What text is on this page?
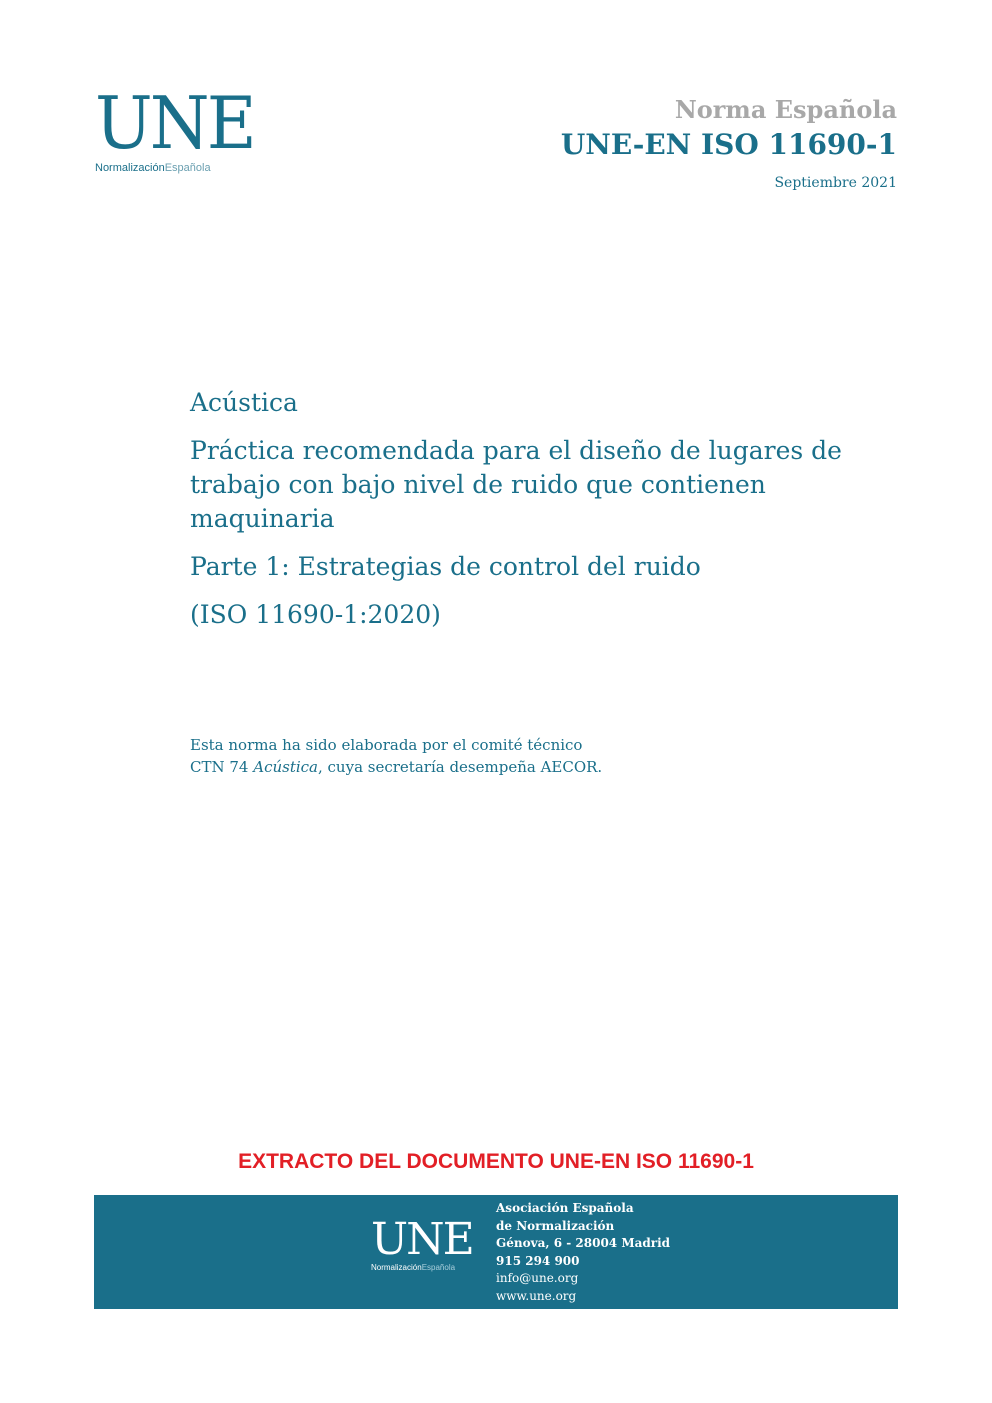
UNE
NormalizaciónEspañola
Norma Española
UNE-EN ISO 11690-1
Septiembre 2021

Acústica

Práctica recomendada para el diseño de lugares de trabajo con bajo nivel de ruido que contienen maquinaria

Parte 1: Estrategias de control del ruido

(ISO 11690-1:2020)

Esta norma ha sido elaborada por el comité técnico
CTN 74 Acústica, cuya secretaría desempeña AECOR.
EXTRACTO DEL DOCUMENTO UNE-EN ISO 11690-1
UNE
NormalizaciónEspañola
Asociación Española
de Normalización
Génova, 6 - 28004 Madrid
915 294 900
info@une.org
www.une.org
